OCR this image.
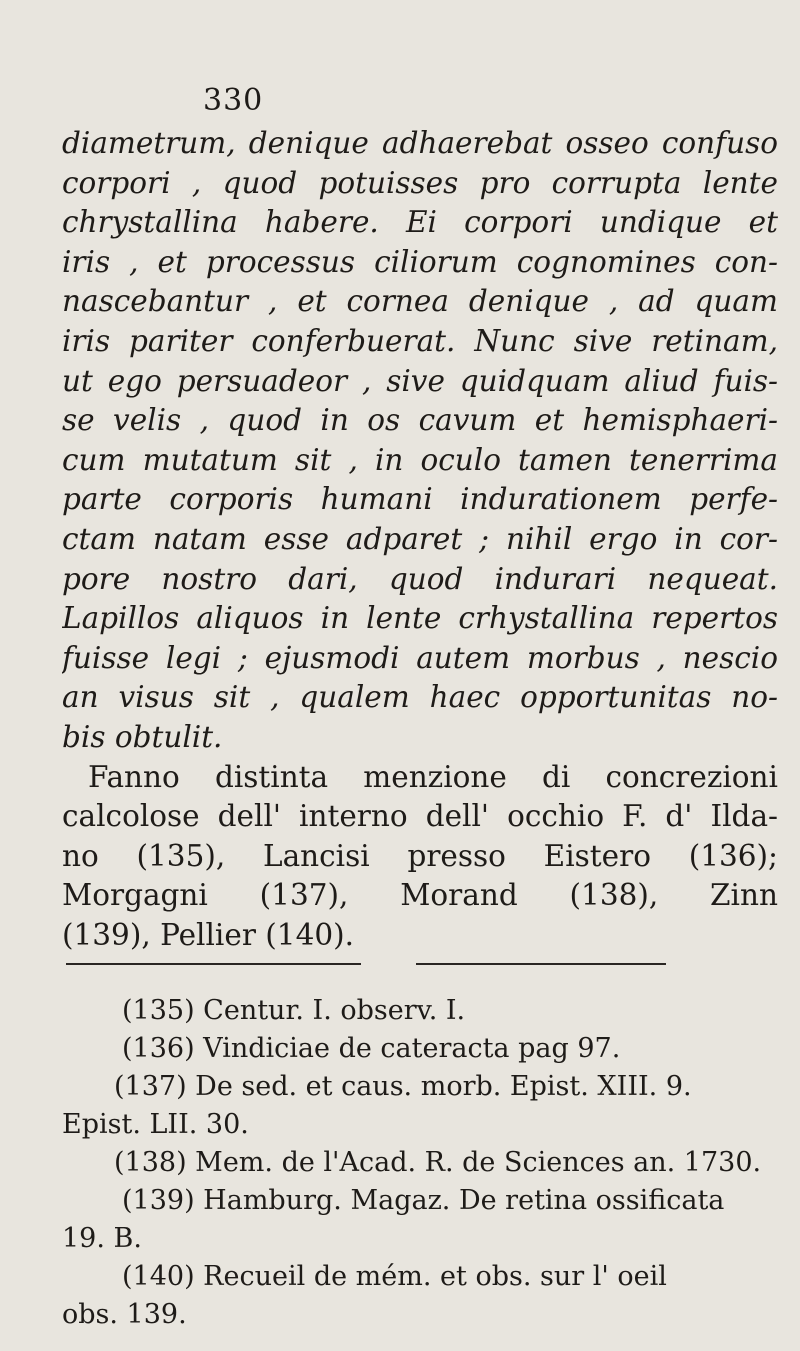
330
diametrum, denique adhaerebat osseo confuso
corpori , quod potuisses pro corrupta lente
chrystallina habere. Ei corpori undique et
iris , et processus ciliorum cognomines con-
nascebantur , et cornea denique , ad quam
iris pariter conferbuerat. Nunc sive retinam,
ut ego persuadeor , sive quidquam aliud fuis-
se velis , quod in os cavum et hemisphaeri-
cum mutatum sit , in oculo tamen tenerrima
parte corporis humani indurationem perfe-
ctam natam esse adparet ; nihil ergo in cor-
pore nostro dari, quod indurari nequeat.
Lapillos aliquos in lente crhystallina repertos
fuisse legi ; ejusmodi autem morbus , nescio
an visus sit , qualem haec opportunitas no-
bis obtulit.
Fanno distinta menzione di concrezioni
calcolose dell' interno dell' occhio F. d' Ildа-
no (135), Lancisi presso Eistero (136);
Morgagni (137), Morand (138), Zinn
(139), Pellier (140).
(135) Centur. I. observ. I.
(136) Vindiciae de cateracta pag 97.
(137) De sed. et caus. morb. Epist. XIII. 9.
Epist. LII. 30.
(138) Mem. de l'Acad. R. de Sciences an. 1730.
(139) Hamburg. Magaz. De retina ossificata
19. B.
(140) Recueil de mém. et obs. sur l' oeil
obs. 139.
